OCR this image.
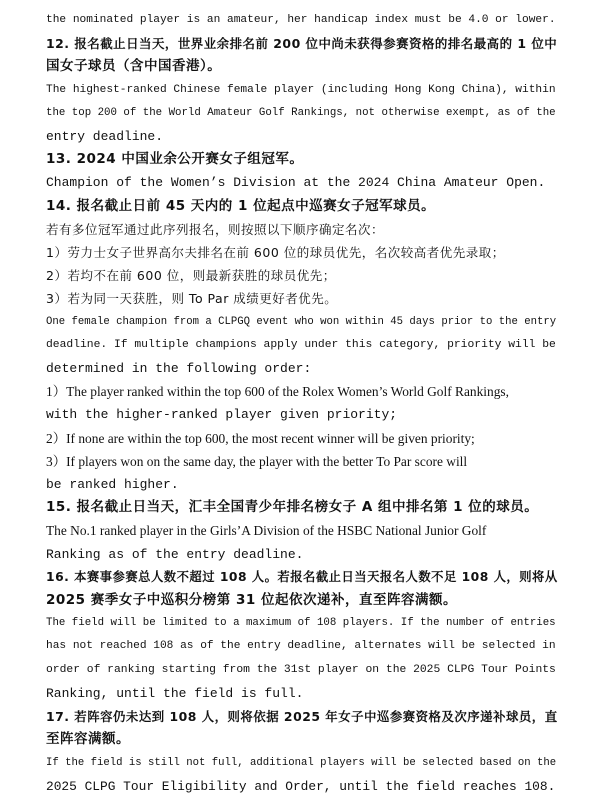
the nominated player is an amateur, her handicap index must be 4.0 or lower.
12. 报名截止日当天，世界业余排名前 200 位中尚未获得参赛资格的排名最高的 1 位中
国女子球员（含中国香港）。
The highest-ranked Chinese female player (including Hong Kong China), within
the top 200 of the World Amateur Golf Rankings, not otherwise exempt, as of the
entry deadline.
13. 2024 中国业余公开赛女子组冠军。
Champion of the Women’s Division at the 2024 China Amateur Open.
14. 报名截止日前 45 天内的 1 位起点中巡赛女子冠军球员。
若有多位冠军通过此序列报名，则按照以下顺序确定名次：
1）劳力士女子世界高尔夫排名在前 600 位的球员优先，名次较高者优先录取；
2）若均不在前 600 位，则最新获胜的球员优先；
3）若为同一天获胜，则 To Par 成绩更好者优先。
One female champion from a CLPGQ event who won within 45 days prior to the entry
deadline. If multiple champions apply under this category, priority will be
determined in the following order:
1）The player ranked within the top 600 of the Rolex Women’s World Golf Rankings,
with the higher-ranked player given priority;
2）If none are within the top 600, the most recent winner will be given priority;
3）If players won on the same day, the player with the better To Par score will
be ranked higher.
15. 报名截止日当天，汇丰全国青少年排名榜女子 A 组中排名第 1 位的球员。
The No.1 ranked player in the Girls’A Division of the HSBC National Junior Golf
Ranking as of the entry deadline.
16. 本赛事参赛总人数不超过 108 人。若报名截止日当天报名人数不足 108 人，则将从
2025 赛季女子中巡积分榜第 31 位起依次递补，直至阵容满额。
The field will be limited to a maximum of 108 players. If the number of entries
has not reached 108 as of the entry deadline, alternates will be selected in
order of ranking starting from the 31st player on the 2025 CLPG Tour Points
Ranking, until the field is full.
17. 若阵容仍未达到 108 人，则将依据 2025 年女子中巡参赛资格及次序递补球员，直
至阵容满额。
If the field is still not full, additional players will be selected based on the
2025 CLPG Tour Eligibility and Order, until the field reaches 108.
